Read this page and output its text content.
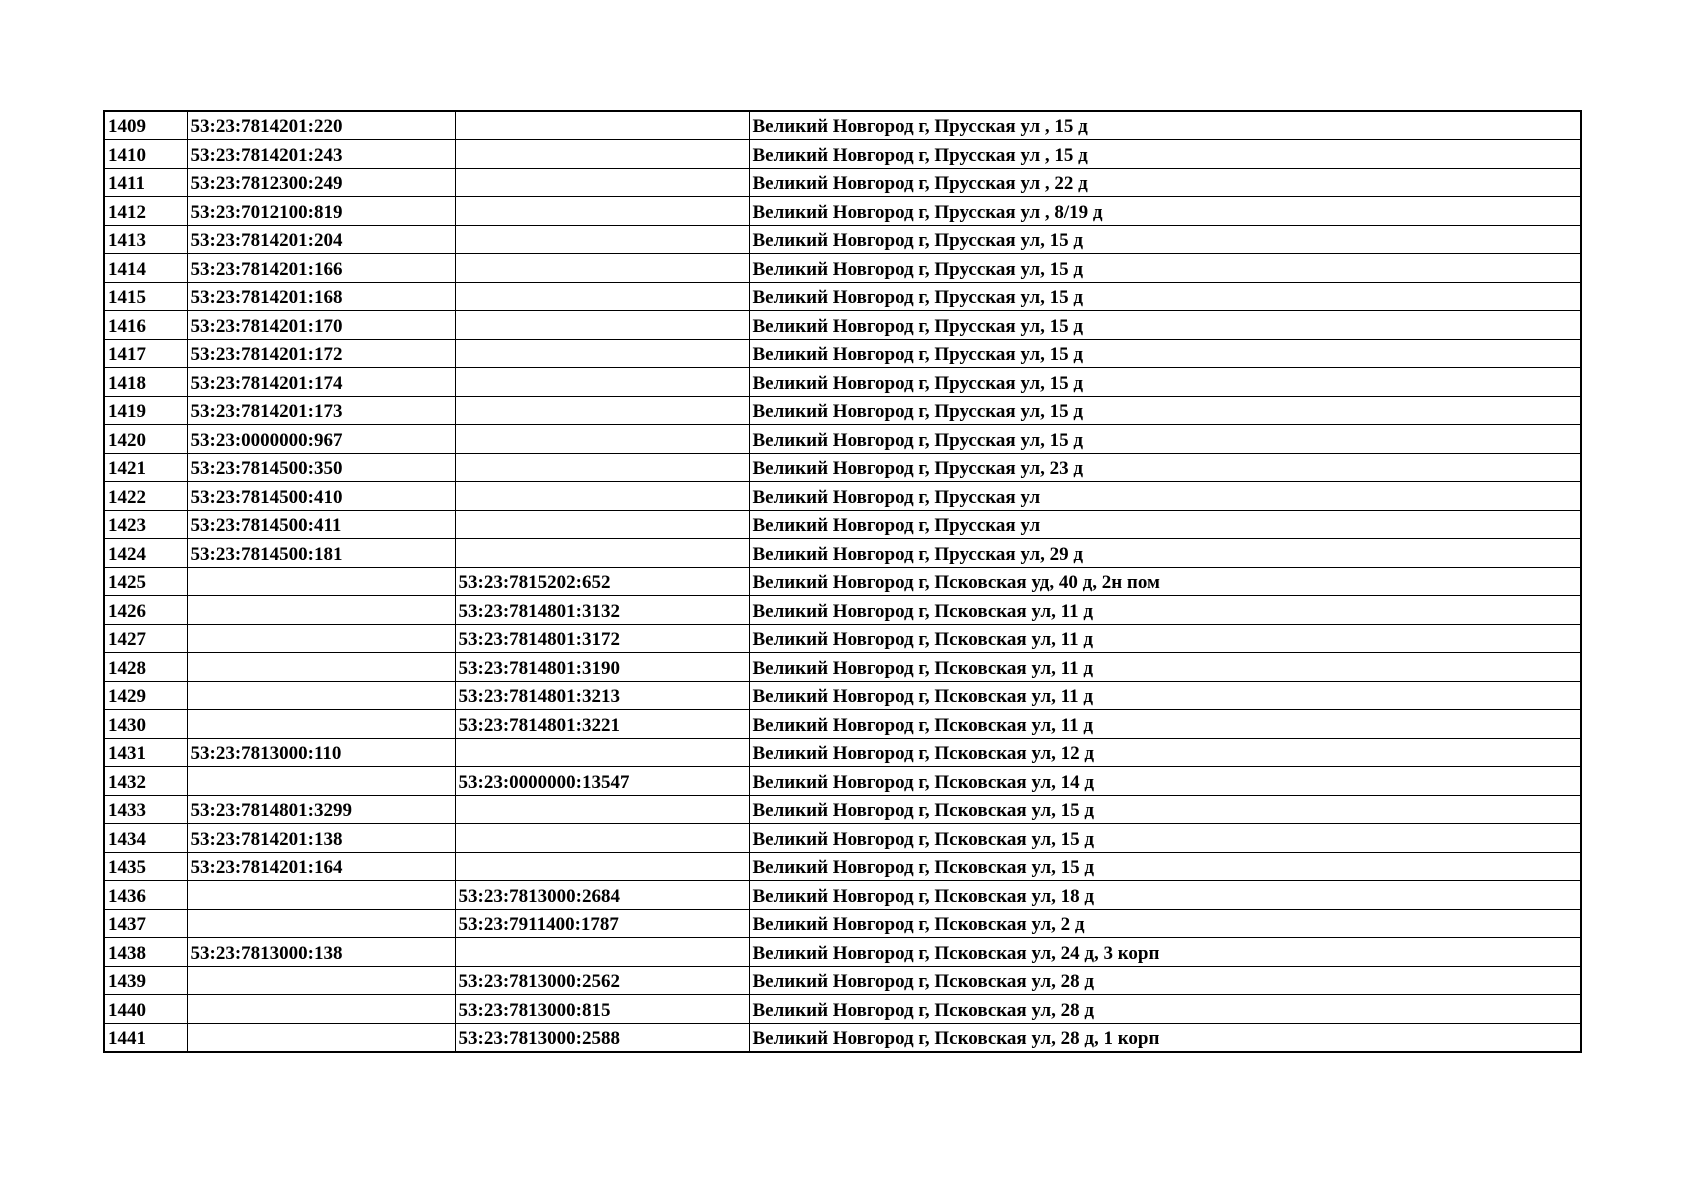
1409	53:23:7814201:220		Великий Новгород г, Прусская ул , 15 д
1410	53:23:7814201:243		Великий Новгород г, Прусская ул , 15 д
1411	53:23:7812300:249		Великий Новгород г, Прусская ул , 22 д
1412	53:23:7012100:819		Великий Новгород г, Прусская ул , 8/19 д
1413	53:23:7814201:204		Великий Новгород г, Прусская ул, 15 д
1414	53:23:7814201:166		Великий Новгород г, Прусская ул, 15 д
1415	53:23:7814201:168		Великий Новгород г, Прусская ул, 15 д
1416	53:23:7814201:170		Великий Новгород г, Прусская ул, 15 д
1417	53:23:7814201:172		Великий Новгород г, Прусская ул, 15 д
1418	53:23:7814201:174		Великий Новгород г, Прусская ул, 15 д
1419	53:23:7814201:173		Великий Новгород г, Прусская ул, 15 д
1420	53:23:0000000:967		Великий Новгород г, Прусская ул, 15 д
1421	53:23:7814500:350		Великий Новгород г, Прусская ул, 23 д
1422	53:23:7814500:410		Великий Новгород г, Прусская ул
1423	53:23:7814500:411		Великий Новгород г, Прусская ул
1424	53:23:7814500:181		Великий Новгород г, Прусская ул, 29 д
1425		53:23:7815202:652	Великий Новгород г, Псковская уд, 40 д, 2н пом
1426		53:23:7814801:3132	Великий Новгород г, Псковская ул, 11 д
1427		53:23:7814801:3172	Великий Новгород г, Псковская ул, 11 д
1428		53:23:7814801:3190	Великий Новгород г, Псковская ул, 11 д
1429		53:23:7814801:3213	Великий Новгород г, Псковская ул, 11 д
1430		53:23:7814801:3221	Великий Новгород г, Псковская ул, 11 д
1431	53:23:7813000:110		Великий Новгород г, Псковская ул, 12 д
1432		53:23:0000000:13547	Великий Новгород г, Псковская ул, 14 д
1433	53:23:7814801:3299		Великий Новгород г, Псковская ул, 15 д
1434	53:23:7814201:138		Великий Новгород г, Псковская ул, 15 д
1435	53:23:7814201:164		Великий Новгород г, Псковская ул, 15 д
1436		53:23:7813000:2684	Великий Новгород г, Псковская ул, 18 д
1437		53:23:7911400:1787	Великий Новгород г, Псковская ул, 2 д
1438	53:23:7813000:138		Великий Новгород г, Псковская ул, 24 д, 3 корп
1439		53:23:7813000:2562	Великий Новгород г, Псковская ул, 28 д
1440		53:23:7813000:815	Великий Новгород г, Псковская ул, 28 д
1441		53:23:7813000:2588	Великий Новгород г, Псковская ул, 28 д, 1 корп
